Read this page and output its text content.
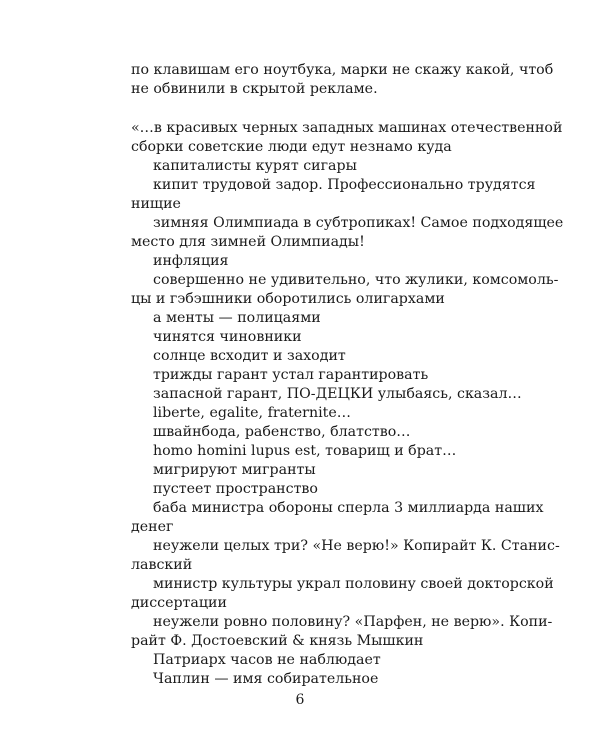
по клавишам его ноутбука, марки не скажу какой, чтоб
не обвинили в скрытой рекламе.
«…в красивых черных западных машинах отечественной
сборки советские люди едут незнамо куда
капиталисты курят сигары
кипит трудовой задор. Профессионально трудятся
нищие
зимняя Олимпиада в субтропиках! Самое подходящее
место для зимней Олимпиады!
инфляция
совершенно не удивительно, что жулики, комсомоль-
цы и гэбэшники оборотились олигархами
а менты — полицаями
чинятся чиновники
солнце всходит и заходит
трижды гарант устал гарантировать
запасной гарант, ПО-ДЕЦКИ улыбаясь, сказал…
liberte, egalite, fraternite…
швайнбода, рабенство, блатство…
homo homini lupus est, товарищ и брат…
мигрируют мигранты
пустеет пространство
баба министра обороны сперла 3 миллиарда наших
денег
неужели целых три? «Не верю!» Копирайт К. Станис-
лавский
министр культуры украл половину своей докторской
диссертации
неужели ровно половину? «Парфен, не верю». Копи-
райт Ф. Достоевский & князь Мышкин
Патриарх часов не наблюдает
Чаплин — имя собирательное
6
